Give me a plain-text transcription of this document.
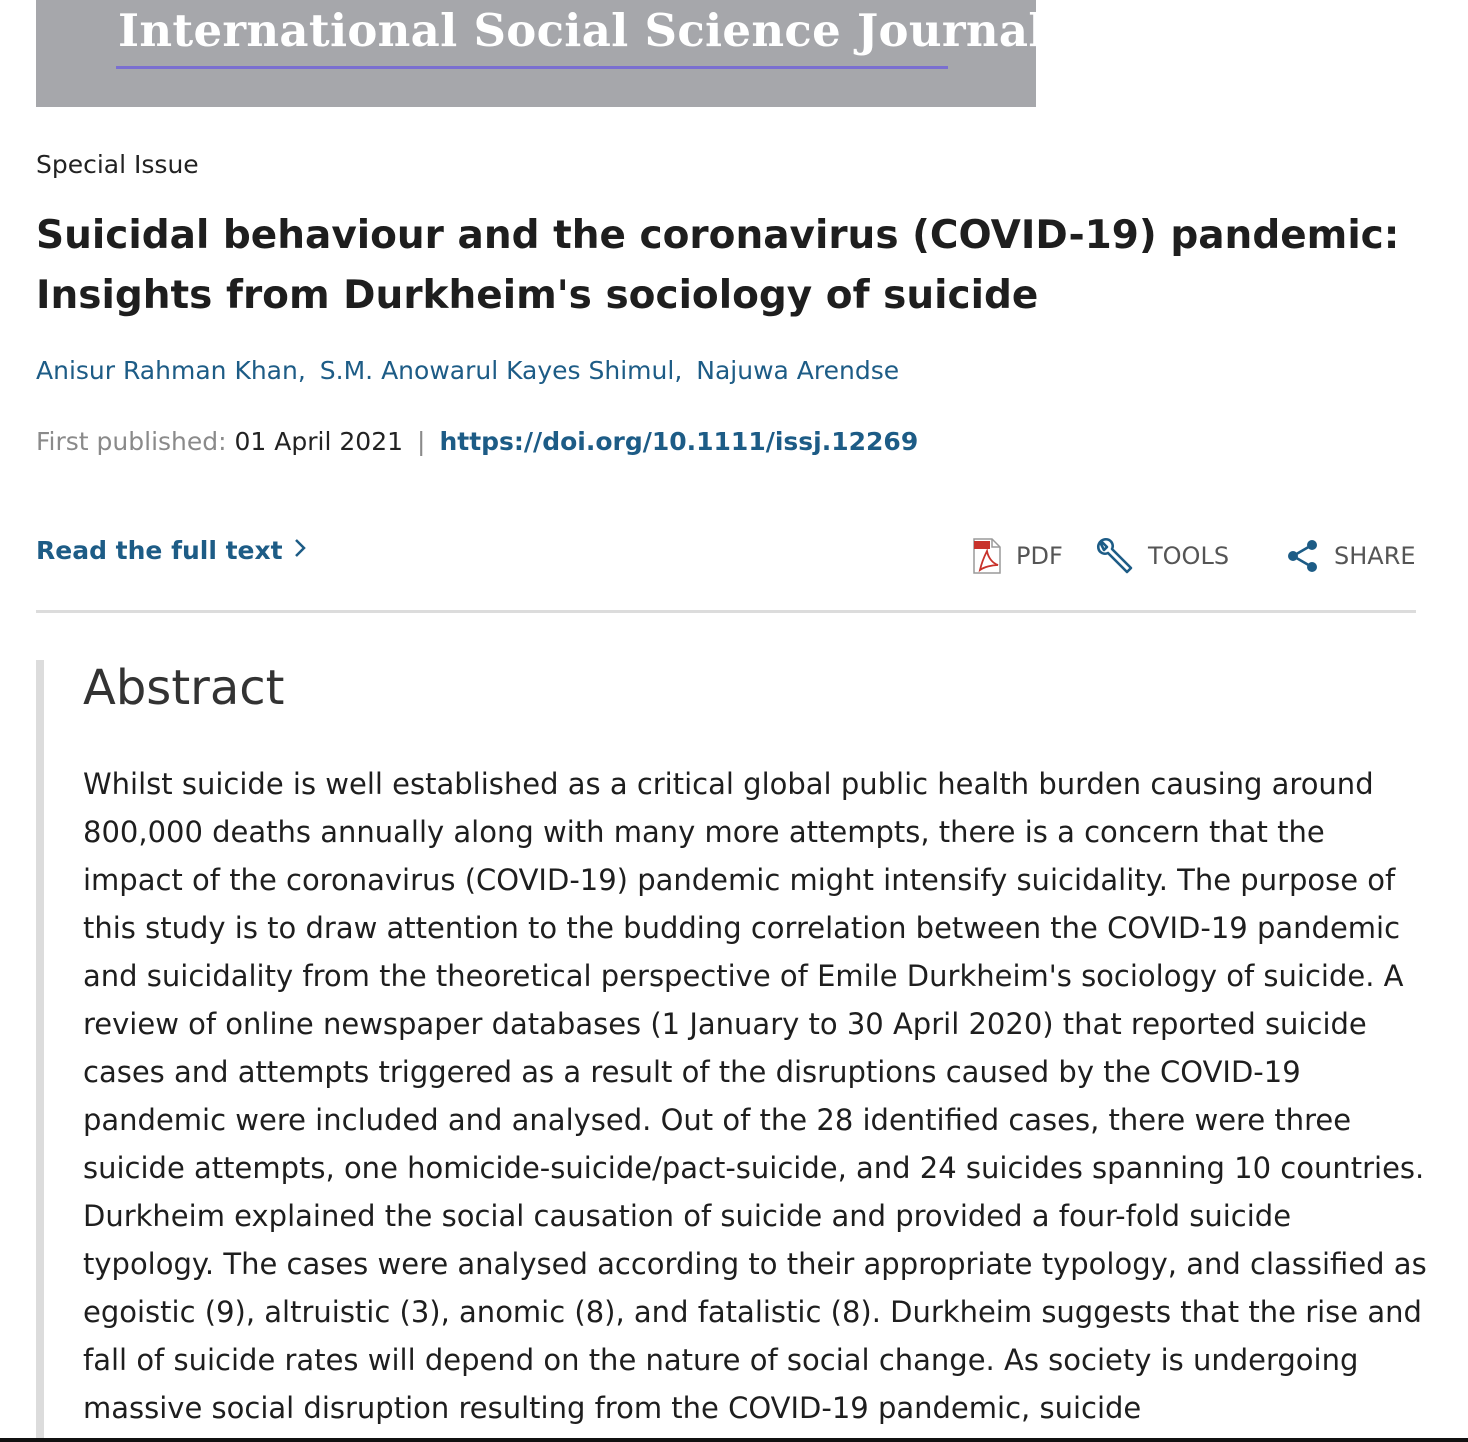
International Social Science Journal
Special Issue
Suicidal behaviour and the coronavirus (COVID-19) pandemic: Insights from Durkheim's sociology of suicide
Anisur Rahman Khan, S.M. Anowarul Kayes Shimul, Najuwa Arendse
First published: 01 April 2021 | https://doi.org/10.1111/issj.12269
Read the full text	PDF	TOOLS	SHARE
Abstract

Whilst suicide is well established as a critical global public health burden causing around 800,000 deaths annually along with many more attempts, there is a concern that the impact of the coronavirus (COVID-19) pandemic might intensify suicidality. The purpose of this study is to draw attention to the budding correlation between the COVID-19 pandemic and suicidality from the theoretical perspective of Emile Durkheim's sociology of suicide. A review of online newspaper databases (1 January to 30 April 2020) that reported suicide cases and attempts triggered as a result of the disruptions caused by the COVID-19 pandemic were included and analysed. Out of the 28 identified cases, there were three suicide attempts, one homicide-suicide/pact-suicide, and 24 suicides spanning 10 countries. Durkheim explained the social causation of suicide and provided a four-fold suicide typology. The cases were analysed according to their appropriate typology, and classified as egoistic (9), altruistic (3), anomic (8), and fatalistic (8). Durkheim suggests that the rise and fall of suicide rates will depend on the nature of social change. As society is undergoing massive social disruption resulting from the COVID-19 pandemic, suicide
